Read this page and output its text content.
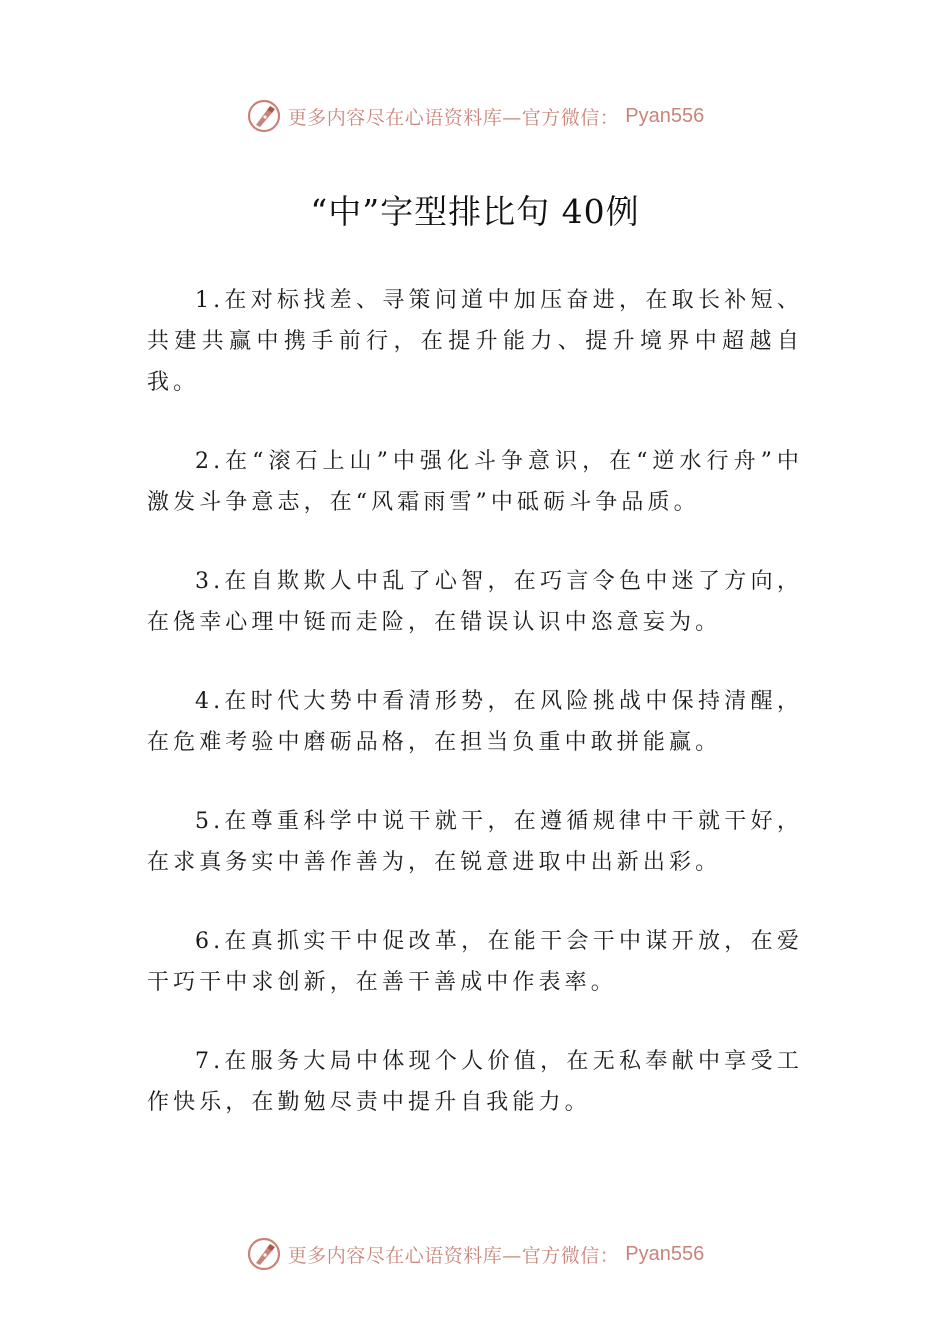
更多内容尽在心语资料库—官方微信： Pyan556
“中”字型排比句 40例
1.在对标找差、寻策问道中加压奋进，在取长补短、共建共赢中携手前行，在提升能力、提升境界中超越自我。
2.在“滚石上山”中强化斗争意识，在“逆水行舟”中激发斗争意志，在“风霜雨雪”中砥砺斗争品质。
3.在自欺欺人中乱了心智，在巧言令色中迷了方向，在侥幸心理中铤而走险，在错误认识中恣意妄为。
4.在时代大势中看清形势，在风险挑战中保持清醒，在危难考验中磨砺品格，在担当负重中敢拼能赢。
5.在尊重科学中说干就干，在遵循规律中干就干好，在求真务实中善作善为，在锐意进取中出新出彩。
6.在真抓实干中促改革，在能干会干中谋开放，在爱干巧干中求创新，在善干善成中作表率。
7.在服务大局中体现个人价值，在无私奉献中享受工作快乐，在勤勉尽责中提升自我能力。
更多内容尽在心语资料库—官方微信： Pyan556
